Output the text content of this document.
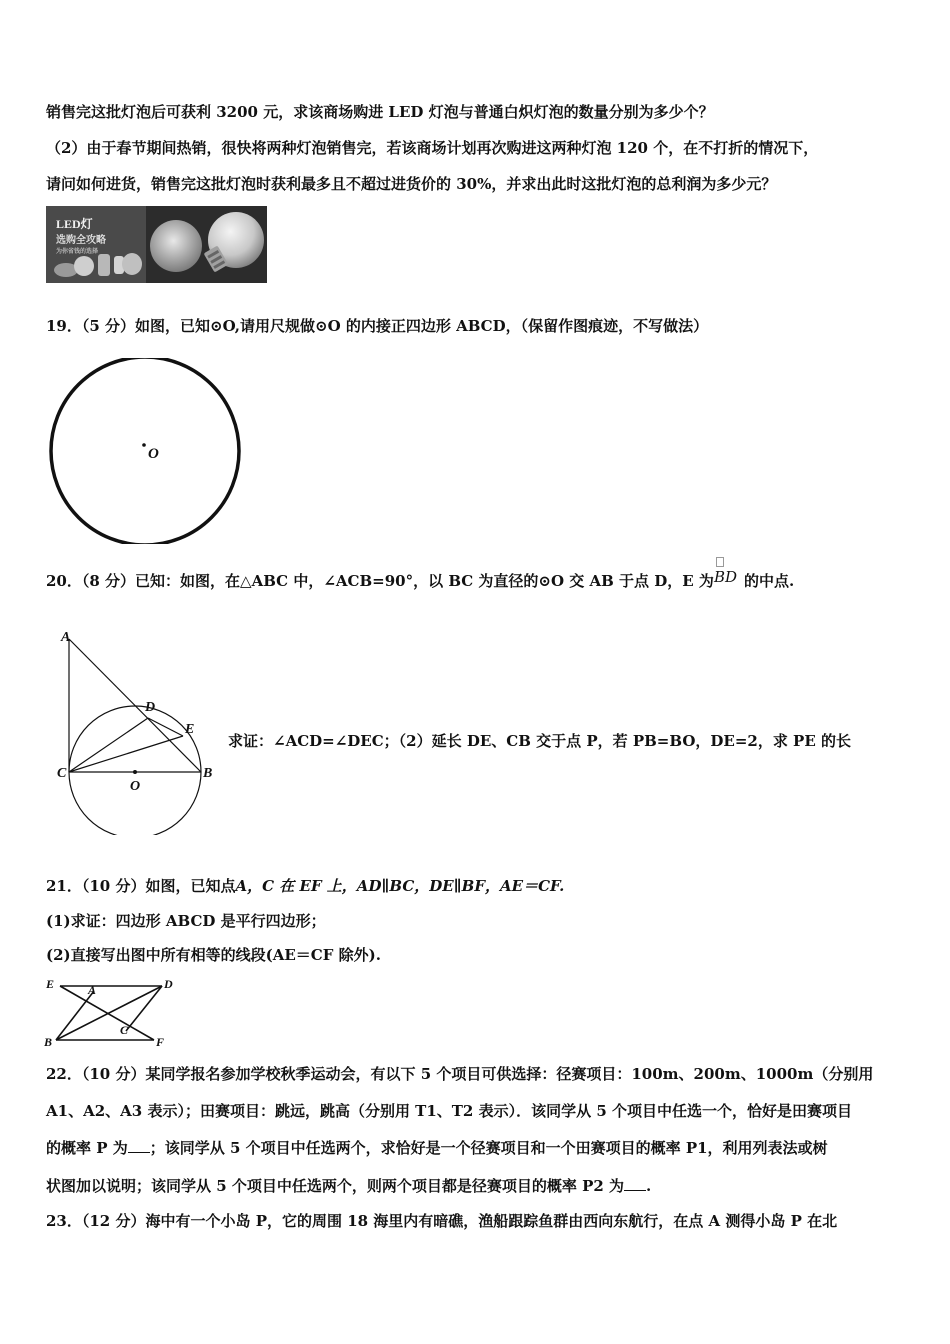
销售完这批灯泡后可获利 3200 元，求该商场购进 LED 灯泡与普通白炽灯泡的数量分别为多少个？
（2）由于春节期间热销，很快将两种灯泡销售完，若该商场计划再次购进这两种灯泡 120 个，在不打折的情况下，
请问如何进货，销售完这批灯泡时获利最多且不超过进货价的 30%，并求出此时这批灯泡的总利润为多少元？
LED灯
选购全攻略
为你省钱的选择
19．（5 分）如图，已知⊙O,请用尺规做⊙O 的内接正四边形 ABCD，（保留作图痕迹，不写做法）
O
20．（8 分）已知：如图，在△ABC 中，∠ACB=90°，以 BC 为直径的⊙O 交 AB 于点 D，E 为
BD 的中点.
A
D
E
C	B
O
求证：∠ACD=∠DEC；（2）延长 DE、CB 交于点 P，若 PB=BO，DE=2，求 PE 的长
21．（10 分）如图，已知点A，C 在 EF 上，AD∥BC，DE∥BF，AE＝CF.
(1)求证：四边形 ABCD 是平行四边形；
(2)直接写出图中所有相等的线段(AE＝CF 除外).
E	A	D
B
C
F
22．（10 分）某同学报名参加学校秋季运动会，有以下 5 个项目可供选择：径赛项目：100m、200m、1000m（分别用
A1、A2、A3 表示）；田赛项目：跳远，跳高（分别用 T1、T2 表示）．该同学从 5 个项目中任选一个，恰好是田赛项目
的概率 P 为 ；该同学从 5 个项目中任选两个，求恰好是一个径赛项目和一个田赛项目的概率 P1，利用列表法或树
状图加以说明；该同学从 5 个项目中任选两个，则两个项目都是径赛项目的概率 P2 为 .
23．（12 分）海中有一个小岛 P，它的周围 18 海里内有暗礁，渔船跟踪鱼群由西向东航行，在点 A 测得小岛 P 在北
